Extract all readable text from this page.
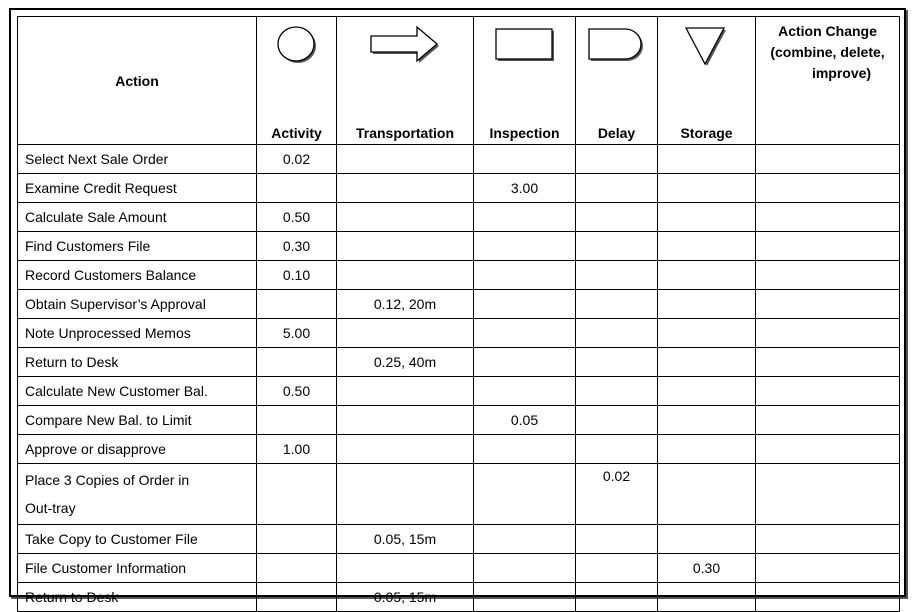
Action	Activity	Transportation	Inspection	Delay	Storage	Action Change
(combine, delete,
improve)

Select Next Sale Order	0.02					
Examine Credit Request			3.00			
Calculate Sale Amount	0.50					
Find Customers File	0.30					
Record Customers Balance	0.10					
Obtain Supervisor’s Approval		0.12, 20m				
Note Unprocessed Memos	5.00					
Return to Desk		0.25, 40m				
Calculate New Customer Bal.	0.50					
Compare New Bal. to Limit			0.05			
Approve or disapprove	1.00					

Place 3 Copies of Order in
Out-tray				0.02		
Take Copy to Customer File		0.05, 15m				
File Customer Information					0.30	
Return to Desk		0.05, 15m				
